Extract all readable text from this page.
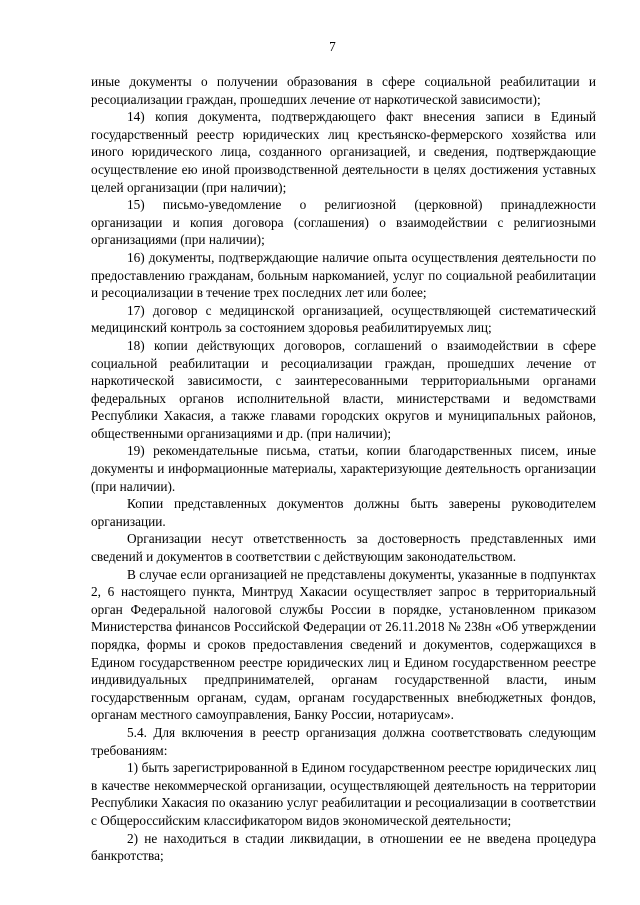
7

иные документы о получении образования в сфере социальной реабилитации и ресоциализации граждан, прошедших лечение от наркотической зависимости);

14) копия документа, подтверждающего факт внесения записи в Единый государственный реестр юридических лиц крестьянско-фермерского хозяйства или иного юридического лица, созданного организацией, и сведения, подтверждающие осуществление ею иной производственной деятельности в целях достижения уставных целей организации (при наличии);

15) письмо-уведомление о религиозной (церковной) принадлежности организации и копия договора (соглашения) о взаимодействии с религиозными организациями (при наличии);

16) документы, подтверждающие наличие опыта осуществления деятельности по предоставлению гражданам, больным наркоманией, услуг по социальной реабилитации и ресоциализации в течение трех последних лет или более;

17) договор с медицинской организацией, осуществляющей систематический медицинский контроль за состоянием здоровья реабилитируемых лиц;

18) копии действующих договоров, соглашений о взаимодействии в сфере социальной реабилитации и ресоциализации граждан, прошедших лечение от наркотической зависимости, с заинтересованными территориальными органами федеральных органов исполнительной власти, министерствами и ведомствами Республики Хакасия, а также главами городских округов и муниципальных районов, общественными организациями и др. (при наличии);

19) рекомендательные письма, статьи, копии благодарственных писем, иные документы и информационные материалы, характеризующие деятельность организации (при наличии).

Копии представленных документов должны быть заверены руководителем организации.

Организации несут ответственность за достоверность представленных ими сведений и документов в соответствии с действующим законодательством.

В случае если организацией не представлены документы, указанные в подпунктах 2, 6 настоящего пункта, Минтруд Хакасии осуществляет запрос в территориальный орган Федеральной налоговой службы России в порядке, установленном приказом Министерства финансов Российской Федерации от 26.11.2018 № 238н «Об утверждении порядка, формы и сроков предоставления сведений и документов, содержащихся в Едином государственном реестре юридических лиц и Едином государственном реестре индивидуальных предпринимателей, органам государственной власти, иным государственным органам, судам, органам государственных внебюджетных фондов, органам местного самоуправления, Банку России, нотариусам».

5.4. Для включения в реестр организация должна соответствовать следующим требованиям:

1) быть зарегистрированной в Едином государственном реестре юридических лиц в качестве некоммерческой организации, осуществляющей деятельность на территории Республики Хакасия по оказанию услуг реабилитации и ресоциализации в соответствии с Общероссийским классификатором видов экономической деятельности;

2) не находиться в стадии ликвидации, в отношении ее не введена процедура банкротства;
